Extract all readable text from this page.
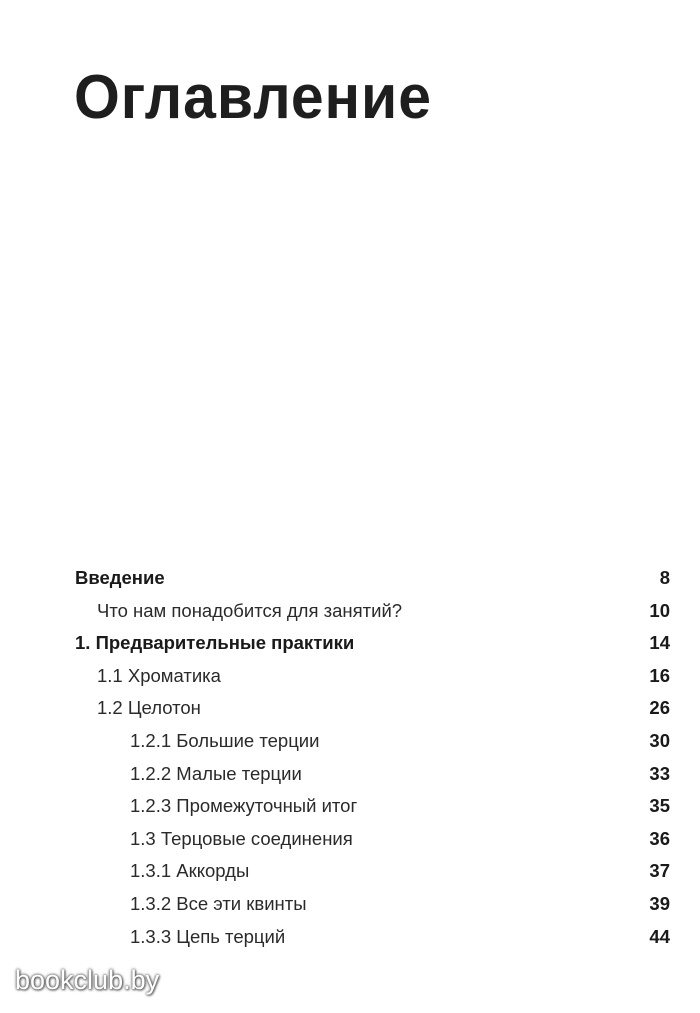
Оглавление
Введение	8
Что нам понадобится для занятий?	10
1. Предварительные практики	14
1.1 Хроматика	16
1.2 Целотон	26
1.2.1 Большие терции	30
1.2.2 Малые терции	33
1.2.3 Промежуточный итог	35
1.3 Терцовые соединения	36
1.3.1 Аккорды	37
1.3.2 Все эти квинты	39
1.3.3 Цепь терций	44
bookclub.by
